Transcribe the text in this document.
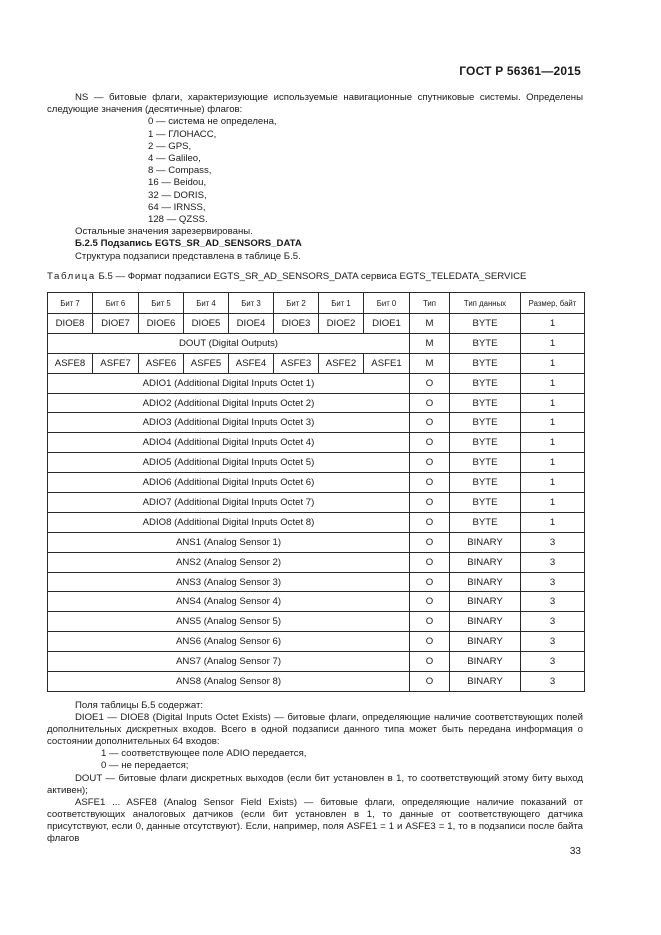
ГОСТ Р 56361—2015

NS — битовые флаги, характеризующие используемые навигационные спутниковые системы. Определены следующие значения (десятичные) флагов:

0 — система не определена,
1 — ГЛОНАСС,
2 — GPS,
4 — Galileo,
8 — Compass,
16 — Beidou,
32 — DORIS,
64 — IRNSS,
128 — QZSS.

Остальные значения зарезервированы.

Б.2.5 Подзапись EGTS_SR_AD_SENSORS_DATA

Структура подзаписи представлена в таблице Б.5.

Таблица Б.5 — Формат подзаписи EGTS_SR_AD_SENSORS_DATA сервиса EGTS_TELEDATA_SERVICE
Бит 7	Бит 6	Бит 5	Бит 4	Бит 3	Бит 2	Бит 1	Бит 0	Тип	Тип данных	Размер, байт
DIOE8	DIOE7	DIOE6	DIOE5	DIOE4	DIOE3	DIOE2	DIOE1	M	BYTE	1
DOUT (Digital Outputs)								M	BYTE	1
ASFE8	ASFE7	ASFE6	ASFE5	ASFE4	ASFE3	ASFE2	ASFE1	M	BYTE	1
ADIO1 (Additional Digital Inputs Octet 1)								O	BYTE	1
ADIO2 (Additional Digital Inputs Octet 2)								O	BYTE	1
ADIO3 (Additional Digital Inputs Octet 3)								O	BYTE	1
ADIO4 (Additional Digital Inputs Octet 4)								O	BYTE	1
ADIO5 (Additional Digital Inputs Octet 5)								O	BYTE	1
ADIO6 (Additional Digital Inputs Octet 6)								O	BYTE	1
ADIO7 (Additional Digital Inputs Octet 7)								O	BYTE	1
ADIO8 (Additional Digital Inputs Octet 8)								O	BYTE	1
ANS1 (Analog Sensor 1)								O	BINARY	3
ANS2 (Analog Sensor 2)								O	BINARY	3
ANS3 (Analog Sensor 3)								O	BINARY	3
ANS4 (Analog Sensor 4)								O	BINARY	3
ANS5 (Analog Sensor 5)								O	BINARY	3
ANS6 (Analog Sensor 6)								O	BINARY	3
ANS7 (Analog Sensor 7)								O	BINARY	3
ANS8 (Analog Sensor 8)								O	BINARY	3

Поля таблицы Б.5 содержат:

DIOE1 — DIOE8 (Digital Inputs Octet Exists) — битовые флаги, определяющие наличие соответствующих полей дополнительных дискретных входов. Всего в одной подзаписи данного типа может быть передана информация о состоянии дополнительных 64 входов:

1 — соответствующее поле ADIO передается,

0 — не передается;

DOUT — битовые флаги дискретных выходов (если бит установлен в 1, то соответствующий этому биту выход активен);

ASFE1 ... ASFE8 (Analog Sensor Field Exists) — битовые флаги, определяющие наличие показаний от соответствующих аналоговых датчиков (если бит установлен в 1, то данные от соответствующего датчика присутствуют, если 0, данные отсутствуют). Если, например, поля ASFE1 = 1 и ASFE3 = 1, то в подзаписи после байта флагов

33
